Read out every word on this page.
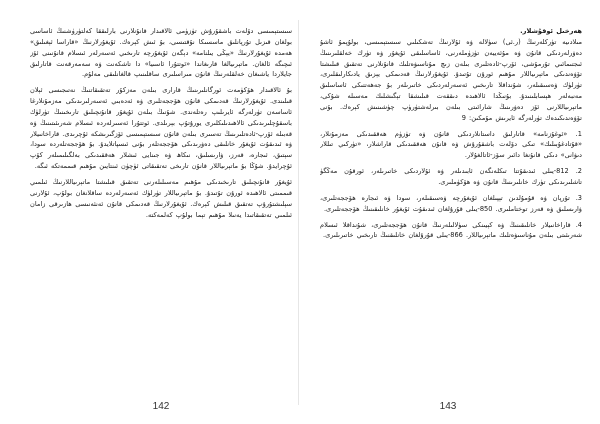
سىستېمىسى دۆلەت باشقۇرۇش تۈزۈمى ئالاقىدار قانۇنلارنى بارلىققا كەلتۈرۈشنىڭ ئاساسى بولغان قىزىل تۇرپانلىق ماسسىكا نۇقتىسى، بۇ ئىش كېرەك. ئۇيغۇرلارنىڭ «قاراسا ئېغىلىق» ھەمدە ئۇيغۇرلارنىڭ «يېڭى يىلنامە» دېگەن ئۇيغۇرچە تارىخىي ئەسەرلەر ئىسلام قانۇنىنى ئۆز ئىچىگە ئالغان. ماتېرىيالغا قارىغاندا «ئوتتۇرا ئاسىيا» دا تاشكەنت ۋە سەمەرقەنت قاتارلىق جايلاردا ياشىغان خەلقلەرنىڭ قانۇن مىراسلىرى ساقلىنىپ قالغانلىقى مەلۇم.

بۇ ئالاقىدار ھۆكۈمەت ئورگانلىرىنىڭ قارارى بىلەن مەزكۇر تەتقىقاتنىڭ نەتىجىسى ئېلان قىلىندى. ئۇيغۇرلارنىڭ قەدىمكى قانۇن ھۆججەتلىرى ۋە ئەدەبىي ئەسەرلىرىدىكى مەزمۇنلارغا ئاساسەن تۈرلەرگە ئايرىلىپ رەتلەندى. شۇنىڭ بىلەن ئۇيغۇر قانۇنچىلىق تارىخىنىڭ تۈرلۈك باسقۇچلىرىدىكى ئالاھىدىلىكلىرى يورۇتۇپ بېرىلدى. ئوتتۇرا ئەسىرلەردە ئىسلام شەرىئىتىنىڭ ۋە قەبىلە ئۆرپ-ئادەتلىرىنىڭ تەسىرى بىلەن قانۇن سىستېمىسى ئۆزگىرىشكە ئۇچرىدى. قاراخانىيلار ۋە ئىدىقۇت ئۇيغۇر خانلىقى دەۋرىدىكى ھۆججەتلەر بۇنى ئىسپاتلايدۇ. بۇ ھۆججەتلەردە سودا، سېتىق، ئىجارە، قەرز، ۋارىسلىق، نىكاھ ۋە جىنايى ئىشلار ھەققىدىكى بەلگىلىمىلەر كۆپ ئۇچرايدۇ. شۇڭا بۇ ماتېرىياللار قانۇن تارىخى تەتقىقاتى ئۈچۈن ئىنتايىن مۇھىم قىممەتكە ئىگە.

ئۇيغۇر قانۇنچىلىق تارىخىدىكى مۇھىم مەسىلىلەرنى تەتقىق قىلىشتا ماتېرىياللارنىڭ ئىلمىي قىممىتى ئالاھىدە ئورۇن تۇتىدۇ. بۇ ماتېرىياللار تۈرلۈك ئەسەرلەردە ساقلانغان بولۇپ، ئۇلارنى سېلىشتۇرۇپ تەتقىق قىلىش كېرەك. ئۇيغۇرلارنىڭ قەدىمكى قانۇن ئەنئەنىسى ھازىرقى زامان ئىلمىي تەتقىقاتىدا يەنىلا مۇھىم تېما بولۇپ كەلمەكتە.

ھەرخىل ئوقۇشلار.

مىلادىيە تۈركلەرنىڭ (ر.ئى) سۈلالە ۋە ئۇلارنىڭ تەشكىلىي سىستېمىسى، بولۇپمۇ ئاشۇ دەۋرلەردىكى قانۇن ۋە مۇئەييەن تۈزۈملەرنى، ئاساسلىقى ئۇيغۇر ۋە تۈرك خەلقلىرىنىڭ ئىجتىمائىي تۇرمۇشى، ئۆرپ-ئادەتلىرى بىلەن زىچ مۇناسىۋەتلىك قانۇنلارنى تەتقىق قىلىشتا تۆۋەندىكى ماتېرىياللار مۇھىم ئورۇن تۇتىدۇ. ئۇيغۇرلارنىڭ قەدىمكى يېزىق يادىكارلىقلىرى، تۈرلۈك ۋەسىقىلەر، شۇنداقلا تارىخىي ئەسەرلەردىكى خاتىرىلەر بۇ جەھەتتىكى ئاساسلىق مەنبەلەر ھېسابلىنىدۇ. بۇنىڭدا ئالاھىدە دىققەت قىلىشقا تېگىشلىك مەسىلە شۇكى، ماتېرىياللارنى ئۆز دەۋرىنىڭ شارائىتى بىلەن بىرلەشتۈرۈپ چۈشىنىش كېرەك. بۇنى تۆۋەندىكىدەك تۈرلەرگە ئايرىش مۇمكىن: 9

1. «ئوغۇزنامە» قاتارلىق داستانلاردىكى قانۇن ۋە تۈزۈم ھەققىدىكى مەزمۇنلار، «قۇتادغۇبىلىك» تىكى دۆلەت باشقۇرۇش ۋە قانۇن ھەققىدىكى قاراشلار، «تۈركىي تىللار دىۋانى» دىكى قانۇنغا دائىر سۆز-ئاتالغۇلار.

2. 812-يىلى ئىدىقۇتتا تىكلەنگەن ئابىدىلەر ۋە ئۇلاردىكى خاتىرىلەر، ئورقۇن مەڭگۈ تاشلىرىدىكى تۈرك خانلىرىنىڭ قانۇن ۋە ھۆكۈملىرى.

3. تۇرپان ۋە قۇمۇلدىن تېپىلغان ئۇيغۇرچە ۋەسىقىلەر، سودا ۋە ئىجارە ھۆججەتلىرى، ۋارىسلىق ۋە قەرز توختاملىرى. 850-يىلى قۇرۇلغان ئىدىقۇت ئۇيغۇر خانلىقىنىڭ ھۆججەتلىرى.

4. قاراخانىيلار خانلىقىنىڭ ۋە كېيىنكى سۈلالىلەرنىڭ قانۇن ھۆججەتلىرى، شۇنداقلا ئىسلام شەرىئىتى بىلەن مۇناسىۋەتلىك ماتېرىياللار. 866-يىلى قۇرۇلغان خانلىقنىڭ تارىخىي خاتىرىلىرى.

142	143
